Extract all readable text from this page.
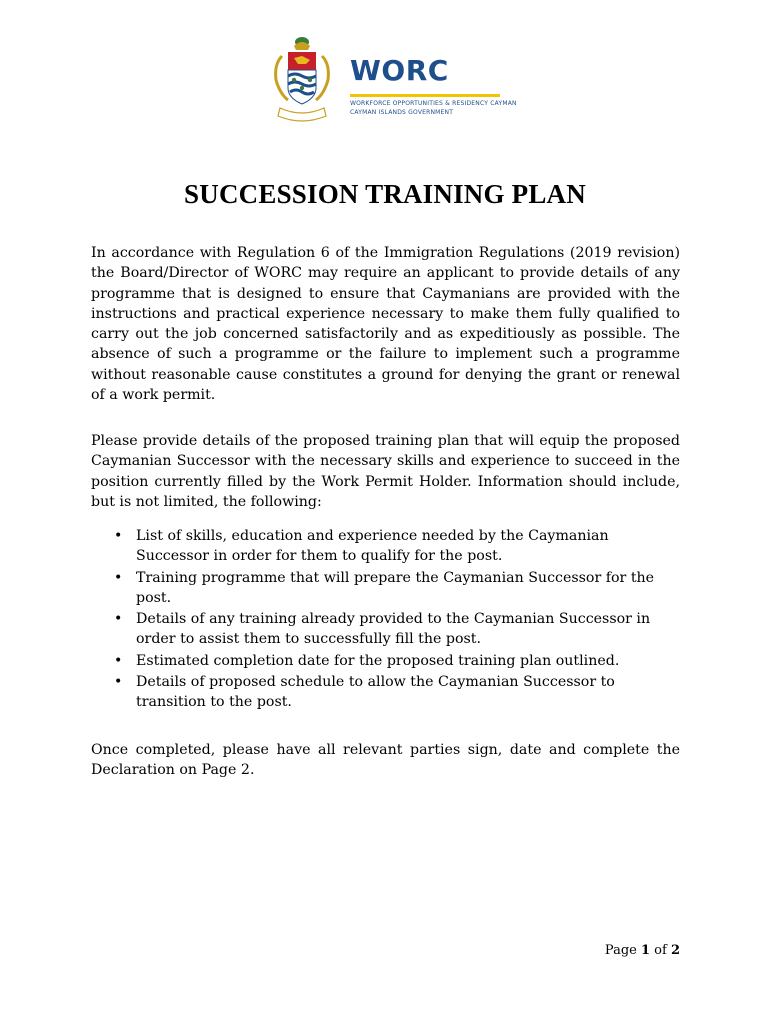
WORC
WORKFORCE OPPORTUNITIES & RESIDENCY CAYMAN
CAYMAN ISLANDS GOVERNMENT
SUCCESSION TRAINING PLAN

In accordance with Regulation 6 of the Immigration Regulations (2019 revision) the Board/Director of WORC may require an applicant to provide details of any programme that is designed to ensure that Caymanians are provided with the instructions and practical experience necessary to make them fully qualified to carry out the job concerned satisfactorily and as expeditiously as possible. The absence of such a programme or the failure to implement such a programme without reasonable cause constitutes a ground for denying the grant or renewal of a work permit.

Please provide details of the proposed training plan that will equip the proposed Caymanian Successor with the necessary skills and experience to succeed in the position currently filled by the Work Permit Holder. Information should include, but is not limited, the following:

• List of skills, education and experience needed by the Caymanian Successor in order for them to qualify for the post.
• Training programme that will prepare the Caymanian Successor for the post.
• Details of any training already provided to the Caymanian Successor in order to assist them to successfully fill the post.
• Estimated completion date for the proposed training plan outlined.
• Details of proposed schedule to allow the Caymanian Successor to transition to the post.

Once completed, please have all relevant parties sign, date and complete the Declaration on Page 2.

Page 1 of 2
